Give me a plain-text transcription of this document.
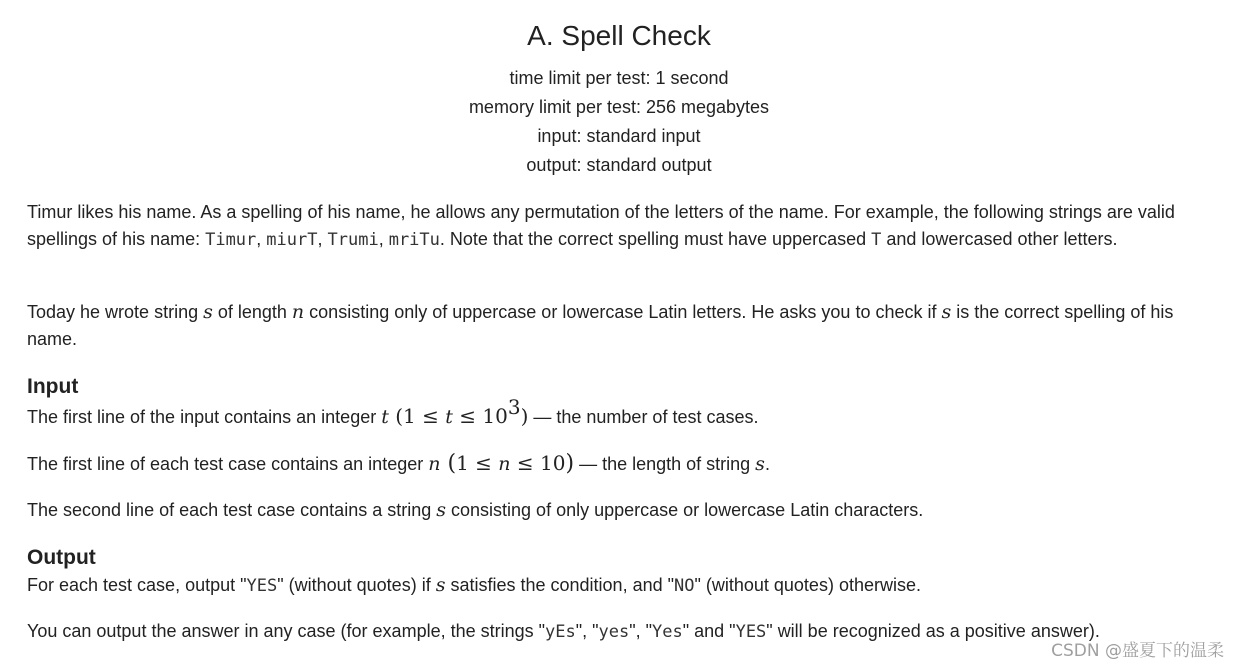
A. Spell Check
time limit per test: 1 second
memory limit per test: 256 megabytes
input: standard input
output: standard output
Timur likes his name. As a spelling of his name, he allows any permutation of the letters of the name. For example, the following strings are valid spellings of his name: Timur, miurT, Trumi, mriTu. Note that the correct spelling must have uppercased T and lowercased other letters.
Today he wrote string s of length n consisting only of uppercase or lowercase Latin letters. He asks you to check if s is the correct spelling of his name.
Input
The first line of the input contains an integer t $(1 \le t \le 10^3)$ — the number of test cases.
The first line of each test case contains an integer n (1 ≤ n ≤ 10) — the length of string s.
The second line of each test case contains a string s consisting of only uppercase or lowercase Latin characters.
Output
For each test case, output "YES" (without quotes) if s satisfies the condition, and "NO" (without quotes) otherwise.
You can output the answer in any case (for example, the strings "yEs", "yes", "Yes" and "YES" will be recognized as a positive answer).
CSDN @盛夏下的温柔
